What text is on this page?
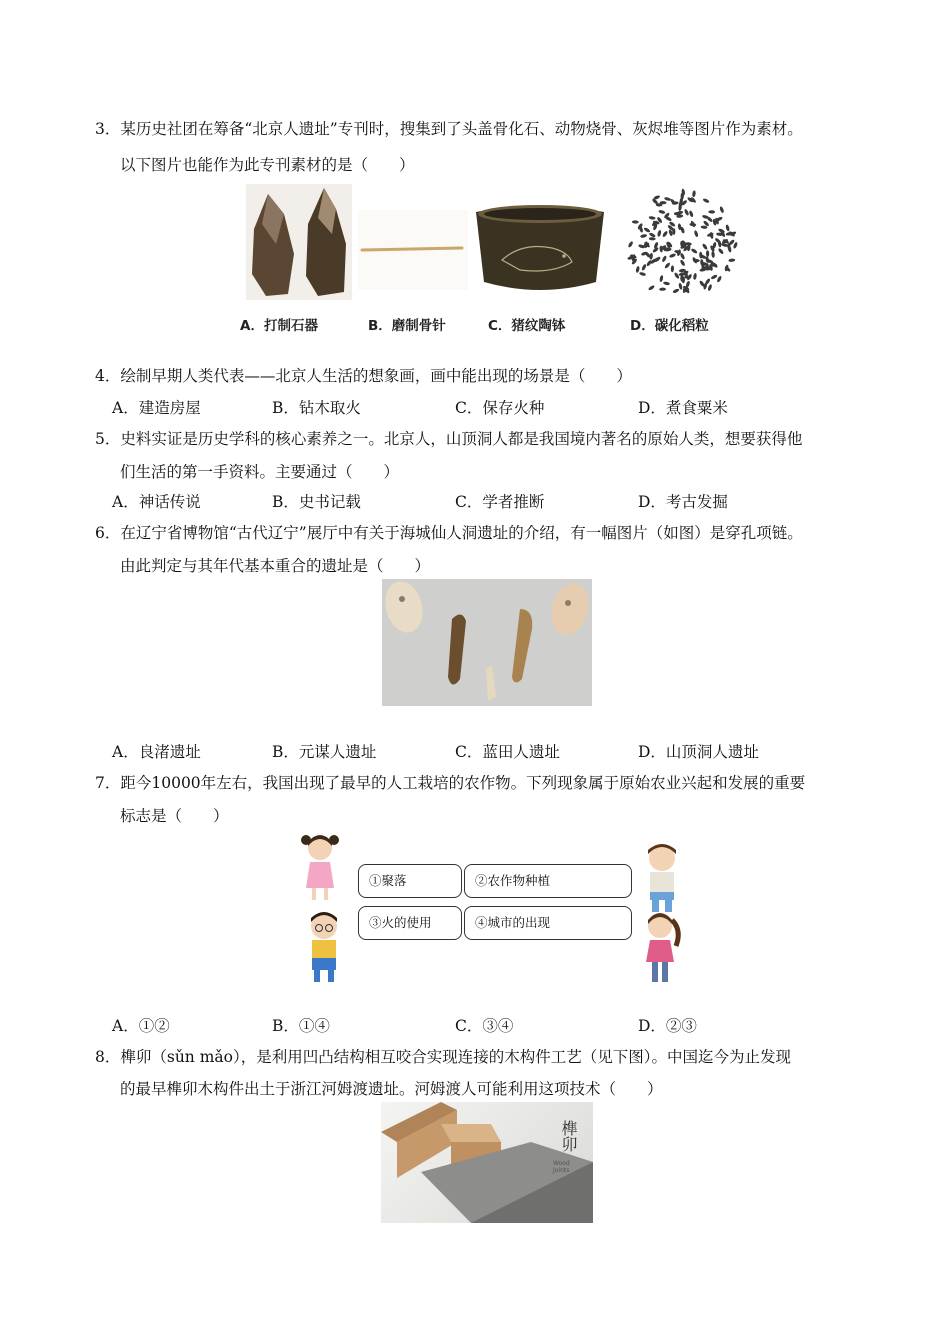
3．某历史社团在筹备“北京人遗址”专刊时，搜集到了头盖骨化石、动物烧骨、灰烬堆等图片作为素材。
以下图片也能作为此专刊素材的是（　　）
A．打制石器	B．磨制骨针	C．猪纹陶钵	D．碳化稻粒
4．绘制早期人类代表——北京人生活的想象画，画中能出现的场景是（　　）
A．建造房屋	B．钻木取火	C．保存火种	D．煮食粟米
5．史料实证是历史学科的核心素养之一。北京人，山顶洞人都是我国境内著名的原始人类，想要获得他
们生活的第一手资料。主要通过（　　）
A．神话传说	B．史书记载	C．学者推断	D．考古发掘
6．在辽宁省博物馆“古代辽宁”展厅中有关于海城仙人洞遗址的介绍，有一幅图片（如图）是穿孔项链。
由此判定与其年代基本重合的遗址是（　　）
A．良渚遗址	B．元谋人遗址	C．蓝田人遗址	D．山顶洞人遗址
7．距今10000年左右，我国出现了最早的人工栽培的农作物。下列现象属于原始农业兴起和发展的重要
标志是（　　）
①聚落	②农作物种植
③火的使用	④城市的出现
A．①②	B．①④	C．③④	D．②③
8．榫卯（sǔn mǎo），是利用凹凸结构相互咬合实现连接的木构件工艺（见下图）。中国迄今为止发现
的最早榫卯木构件出土于浙江河姆渡遗址。河姆渡人可能利用这项技术（　　）
榫卯
Wood Joints
